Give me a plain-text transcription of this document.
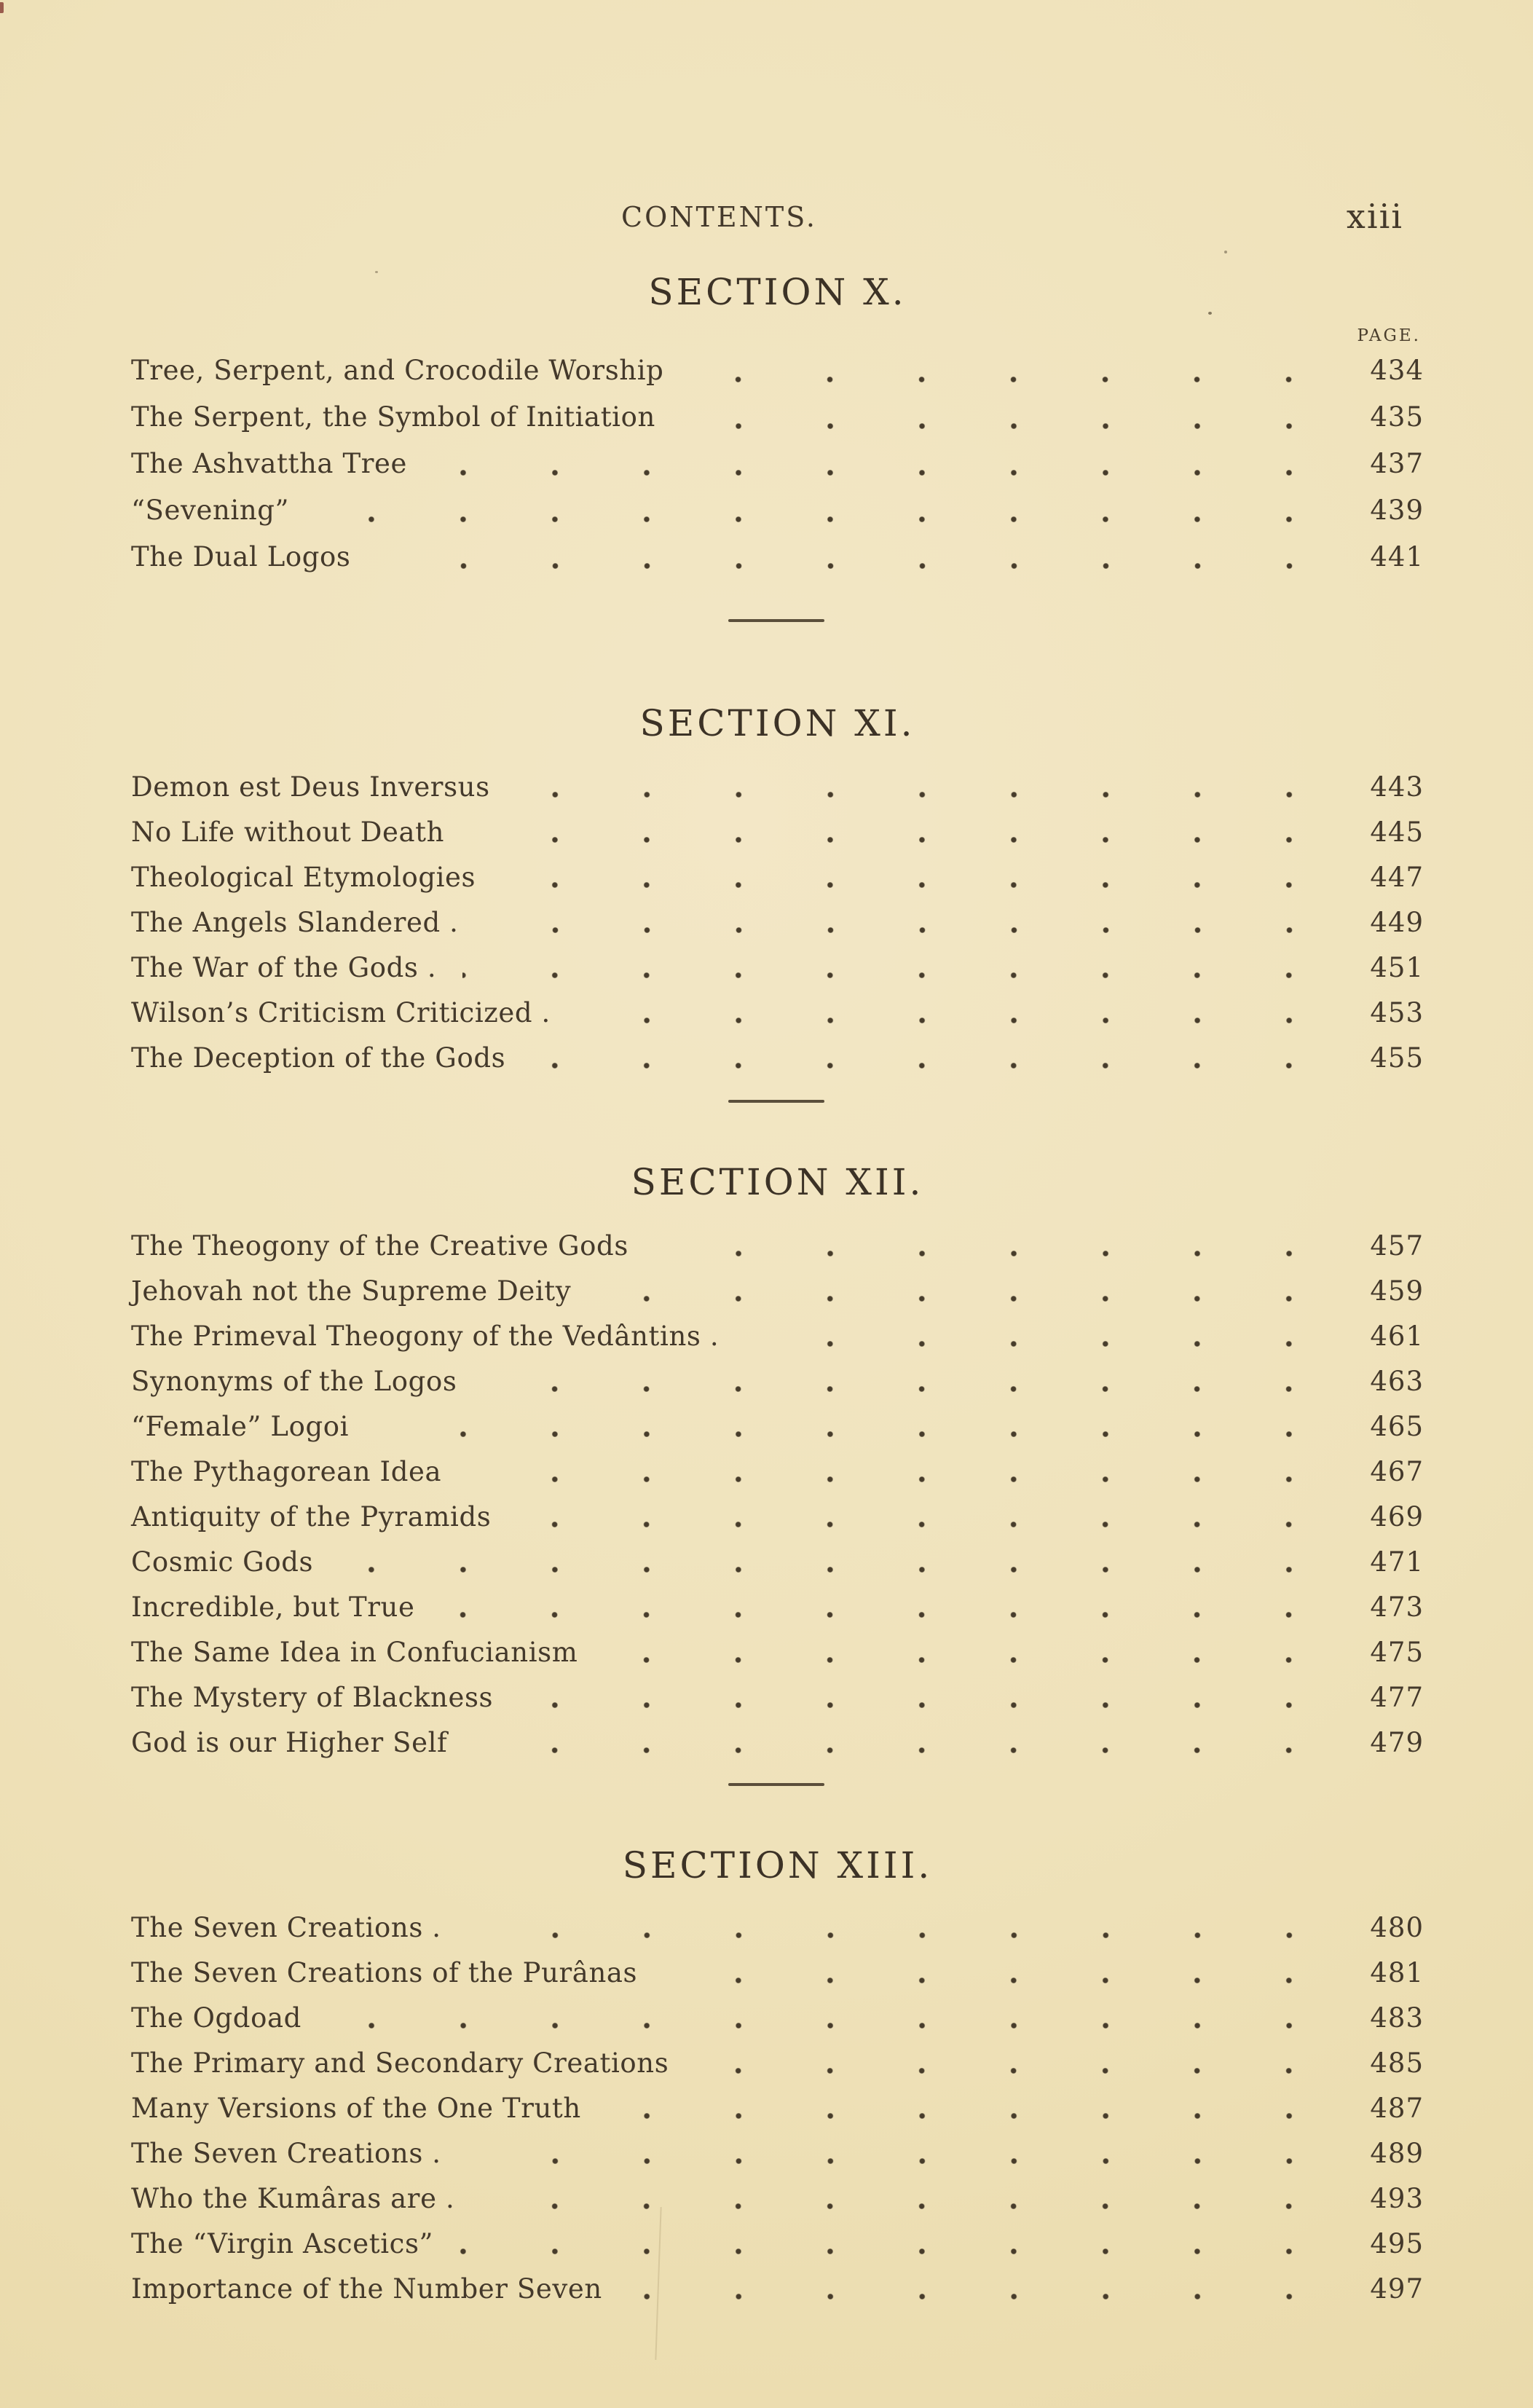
CONTENTS.	xiii
SECTION X.
PAGE.
Tree, Serpent, and Crocodile Worship	434
The Serpent, the Symbol of Initiation	435
The Ashvattha Tree	437
“Sevening”	439
The Dual Logos	441
SECTION XI.
Demon est Deus Inversus	443
No Life without Death	445
Theological Etymologies	447
The Angels Slandered .	449
The War of the Gods .	451
Wilson’s Criticism Criticized .	453
The Deception of the Gods	455
SECTION XII.
The Theogony of the Creative Gods	457
Jehovah not the Supreme Deity	459
The Primeval Theogony of the Vedântins .	461
Synonyms of the Logos	463
“Female” Logoi	465
The Pythagorean Idea	467
Antiquity of the Pyramids	469
Cosmic Gods	471
Incredible, but True	473
The Same Idea in Confucianism	475
The Mystery of Blackness	477
God is our Higher Self	479
SECTION XIII.
The Seven Creations .	480
The Seven Creations of the Purânas	481
The Ogdoad	483
The Primary and Secondary Creations	485
Many Versions of the One Truth	487
The Seven Creations .	489
Who the Kumâras are .	493
The “Virgin Ascetics”	495
Importance of the Number Seven	497
